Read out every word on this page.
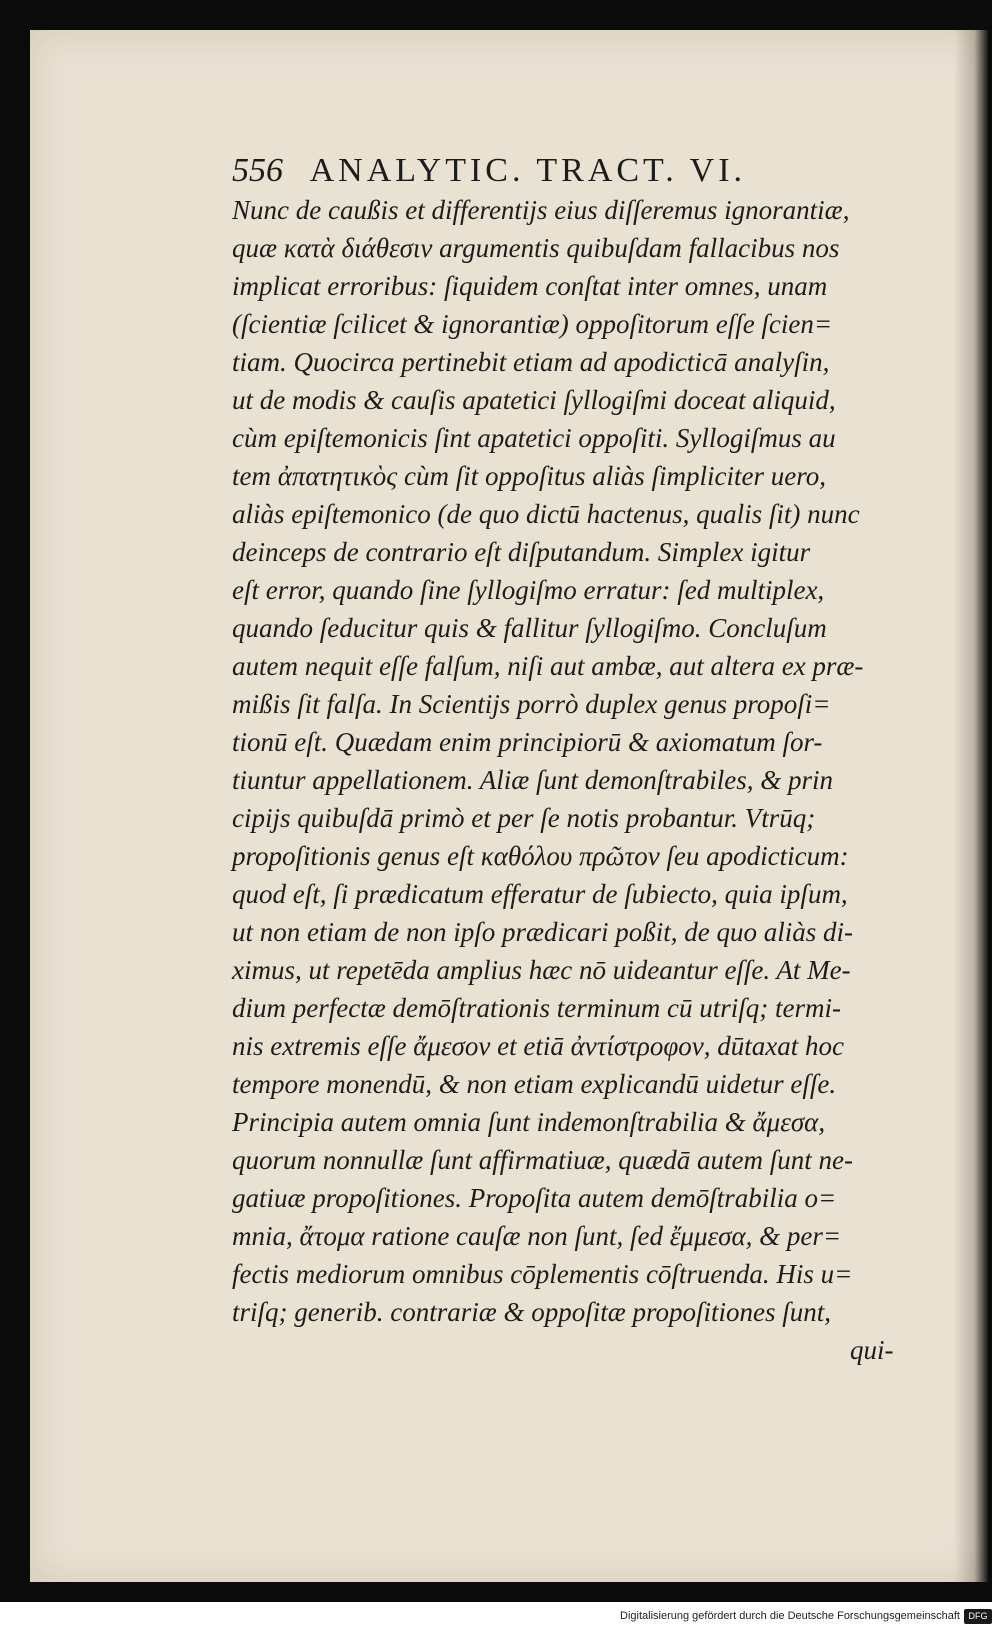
556 ANALYTIC. TRACT. VI.
Nunc de caußis et differentijs eius diſſeremus ignorantiæ,
quæ κατὰ διάθεσιν argumentis quibuſdam fallacibus nos
implicat erroribus: ſiquidem conſtat inter omnes, unam
(ſcientiæ ſcilicet & ignorantiæ) oppoſitorum eſſe ſcien=
tiam. Quocirca pertinebit etiam ad apodicticā analyſin,
ut de modis & cauſis apatetici ſyllogiſmi doceat aliquid,
cùm epiſtemonicis ſint apatetici oppoſiti. Syllogiſmus au
tem ἀπατητικὸς cùm ſit oppoſitus aliàs ſimpliciter uero,
aliàs epiſtemonico (de quo dictū hactenus, qualis ſit) nunc
deinceps de contrario eſt diſputandum. Simplex igitur
eſt error, quando ſine ſyllogiſmo erratur: ſed multiplex,
quando ſeducitur quis & fallitur ſyllogiſmo. Concluſum
autem nequit eſſe falſum, niſi aut ambæ, aut altera ex præ-
mißis ſit falſa. In Scientijs porrò duplex genus propoſi=
tionū eſt. Quædam enim principiorū & axiomatum ſor-
tiuntur appellationem. Aliæ ſunt demonſtrabiles, & prin
cipijs quibuſdā primò et per ſe notis probantur. Vtrūq;
propoſitionis genus eſt καθόλου πρῶτον ſeu apodicticum:
quod eſt, ſi prædicatum efferatur de ſubiecto, quia ipſum,
ut non etiam de non ipſo prædicari poßit, de quo aliàs di-
ximus, ut repetēda amplius hæc nō uideantur eſſe. At Me-
dium perfectæ demōſtrationis terminum cū utriſq; termi-
nis extremis eſſe ἄμεσον et etiā ἀντίστροφον, dūtaxat hoc
tempore monendū, & non etiam explicandū uidetur eſſe.
Principia autem omnia ſunt indemonſtrabilia & ἄμεσα,
quorum nonnullæ ſunt affirmatiuæ, quædā autem ſunt ne-
gatiuæ propoſitiones. Propoſita autem demōſtrabilia o=
mnia, ἄτομα ratione cauſæ non ſunt, ſed ἔμμεσα, & per=
fectis mediorum omnibus cōplementis cōſtruenda. His u=
triſq; generib. contrariæ & oppoſitæ propoſitiones ſunt,
qui-
Digitalisierung gefördert durch die Deutsche Forschungsgemeinschaft DFG
